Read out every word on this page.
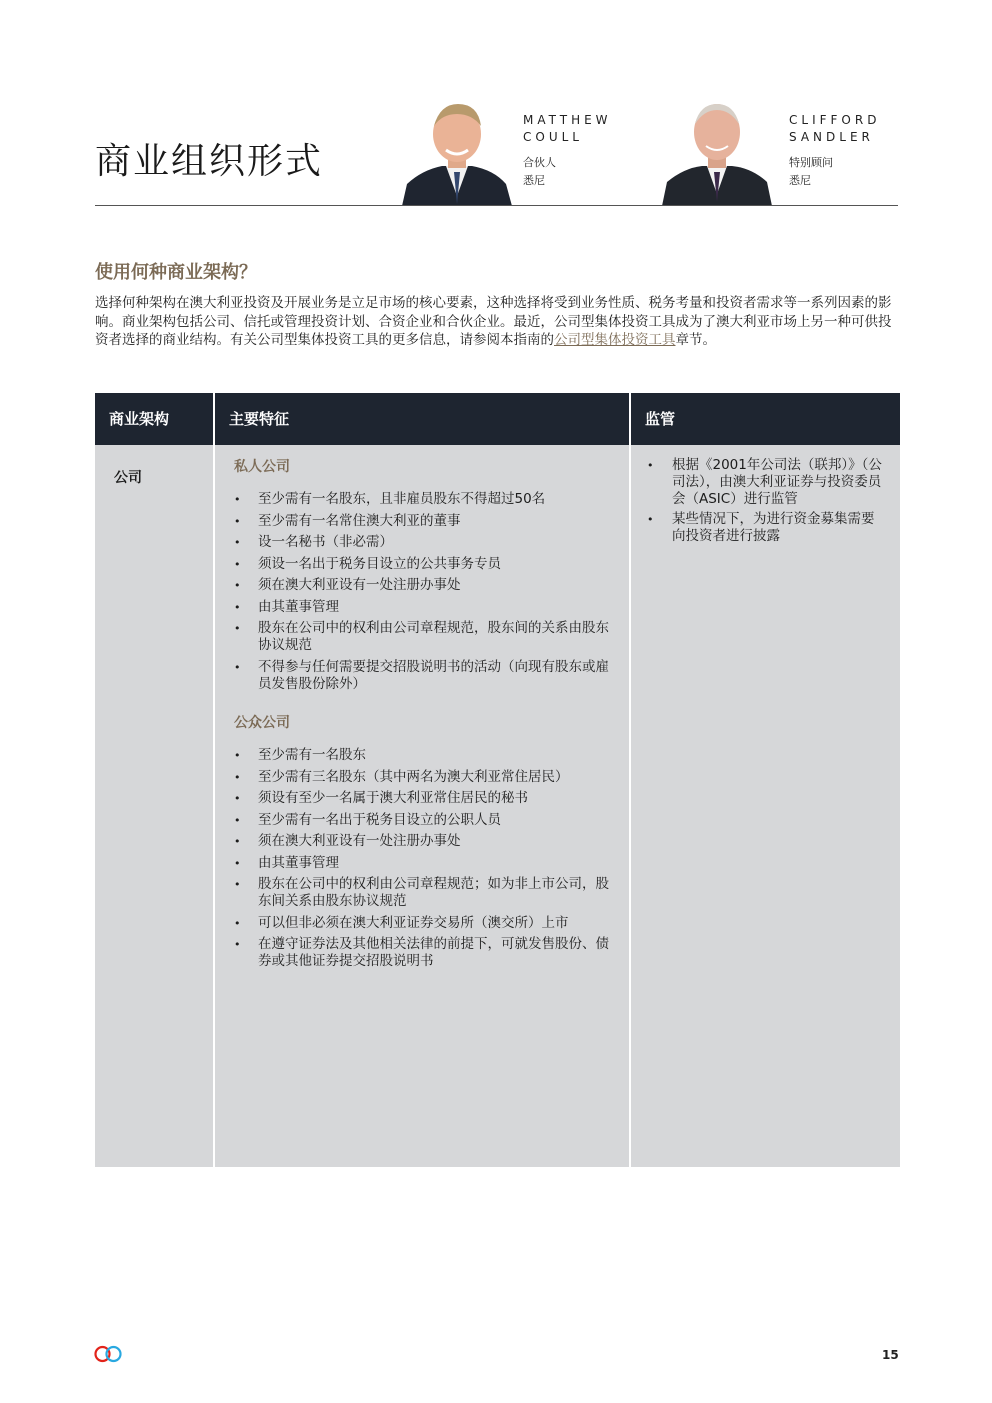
商业组织形式
MATTHEW
COULL
合伙人
悉尼
CLIFFORD
SANDLER
特别顾问
悉尼
使用何种商业架构？

选择何种架构在澳大利亚投资及开展业务是立足市场的核心要素，这种选择将受到业务性质、税务考量和投资者需求等一系列因素的影响。商业架构包括公司、信托或管理投资计划、合资企业和合伙企业。最近，公司型集体投资工具成为了澳大利亚市场上另一种可供投资者选择的商业结构。有关公司型集体投资工具的更多信息，请参阅本指南的公司型集体投资工具章节。

商业架构	主要特征	监管
公司
私人公司
• 至少需有一名股东，且非雇员股东不得超过50名
• 至少需有一名常住澳大利亚的董事
• 设一名秘书（非必需）
• 须设一名出于税务目设立的公共事务专员
• 须在澳大利亚设有一处注册办事处
• 由其董事管理
• 股东在公司中的权利由公司章程规范，股东间的关系由股东协议规范
• 不得参与任何需要提交招股说明书的活动（向现有股东或雇员发售股份除外）
公众公司
• 至少需有一名股东
• 至少需有三名股东（其中两名为澳大利亚常住居民）
• 须设有至少一名属于澳大利亚常住居民的秘书
• 至少需有一名出于税务目设立的公职人员
• 须在澳大利亚设有一处注册办事处
• 由其董事管理
• 股东在公司中的权利由公司章程规范；如为非上市公司，股东间关系由股东协议规范
• 可以但非必须在澳大利亚证券交易所（澳交所）上市
• 在遵守证券法及其他相关法律的前提下，可就发售股份、债券或其他证券提交招股说明书
• 根据《2001年公司法（联邦）》（公司法），由澳大利亚证券与投资委员会（ASIC）进行监管
• 某些情况下，为进行资金募集需要向投资者进行披露
15
